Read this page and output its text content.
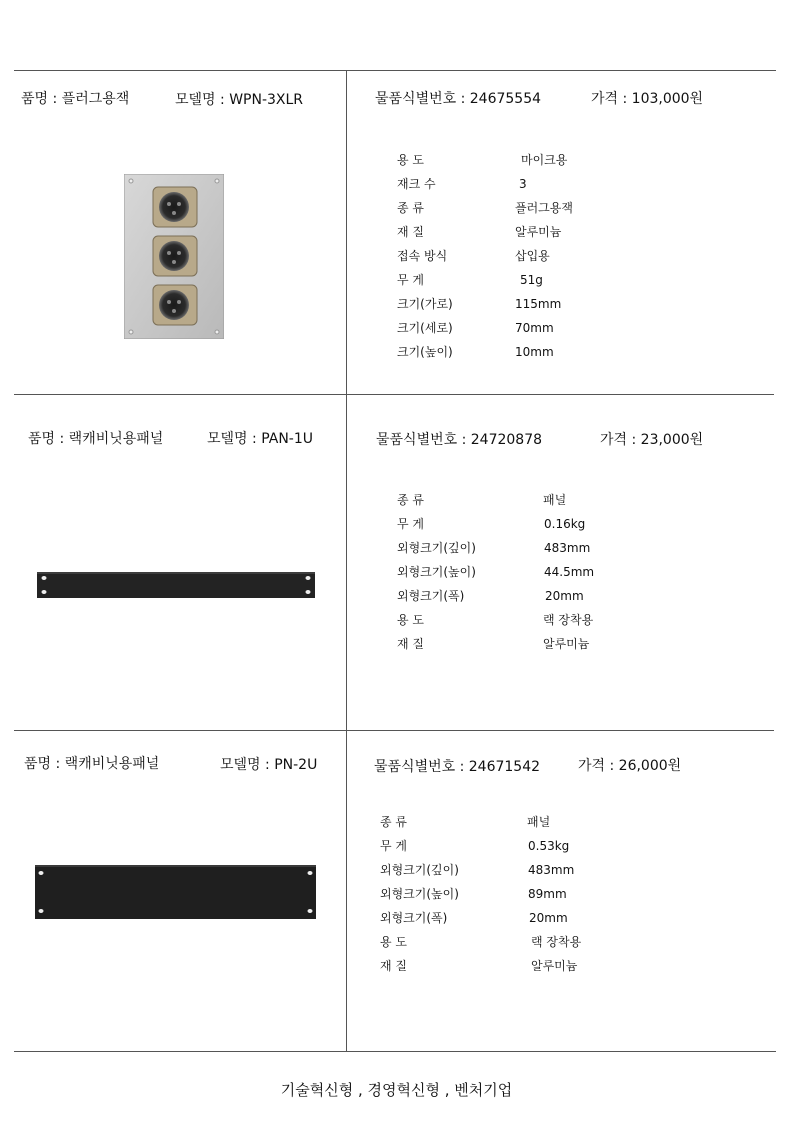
품명 : 플러그용잭	모델명 : WPN-3XLR	물품식별번호 : 24675554	가격 : 103,000원
용 도	마이크용
재크 수	3
종 류	플러그용잭
재 질	알루미늄
접속 방식	삽입용
무 게	51g
크기(가로)	115mm
크기(세로)	70mm
크기(높이)	10mm
품명 : 랙캐비닛용패널	모델명 : PAN-1U	물품식별번호 : 24720878	가격 : 23,000원
종 류	패널
무 게	0.16kg
외형크기(깊이)	483mm
외형크기(높이)	44.5mm
외형크기(폭)	20mm
용 도	랙 장착용
재 질	알루미늄
품명 : 랙캐비닛용패널	모델명 : PN-2U	물품식별번호 : 24671542	가격 : 26,000원
종 류	패널
무 게	0.53kg
외형크기(깊이)	483mm
외형크기(높이)	89mm
외형크기(폭)	20mm
용 도	랙 장착용
재 질	알루미늄
기술혁신형 , 경영혁신형 , 벤처기업
